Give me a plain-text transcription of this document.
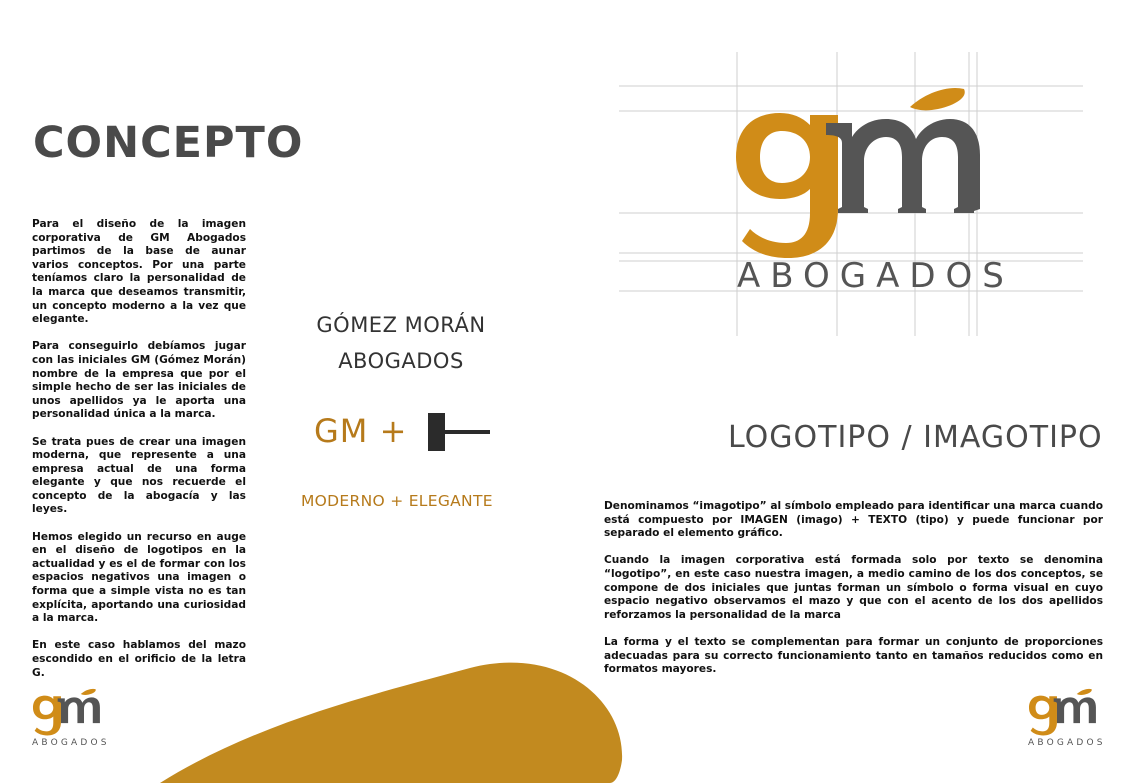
CONCEPTO

Para el diseño de la imagen corporativa de GM Abogados partimos de la base de aunar varios conceptos. Por una parte teníamos claro la personalidad de la marca que deseamos transmitir, un concepto moderno a la vez que elegante.

Para conseguirlo debíamos jugar con las iniciales GM (Gómez Morán) nombre de la empresa que por el simple hecho de ser las iniciales de unos apellidos ya le aporta una personalidad única a la marca.

Se trata pues de crear una imagen moderna, que represente a una empresa actual de una forma elegante y que nos recuerde el concepto de la abogacía y las leyes.

Hemos elegido un recurso en auge en el diseño de logotipos en la actualidad y es el de formar con los espacios negativos una imagen o forma que a simple vista no es tan explícita, aportando una curiosidad a la marca.

En este caso hablamos del mazo escondido en el orificio de la letra G.

GÓMEZ MORÁN
ABOGADOS
GM +
MODERNO + ELEGANTE
ABOGADOS
LOGOTIPO / IMAGOTIPO

Denominamos “imagotipo” al símbolo empleado para identificar una marca cuando está compuesto por IMAGEN (imago) + TEXTO (tipo) y puede funcionar por separado el elemento gráfico.

Cuando la imagen corporativa está formada solo por texto se denomina “logotipo”, en este caso nuestra imagen, a medio camino de los dos conceptos, se compone de dos iniciales que juntas forman un símbolo o forma visual en cuyo espacio negativo observamos el mazo y que con el acento de los dos apellidos reforzamos la personalidad de la marca

La forma y el texto se complementan para formar un conjunto de proporciones adecuadas para su correcto funcionamiento tanto en tamaños reducidos como en formatos mayores.

ABOGADOS	ABOGADOS
